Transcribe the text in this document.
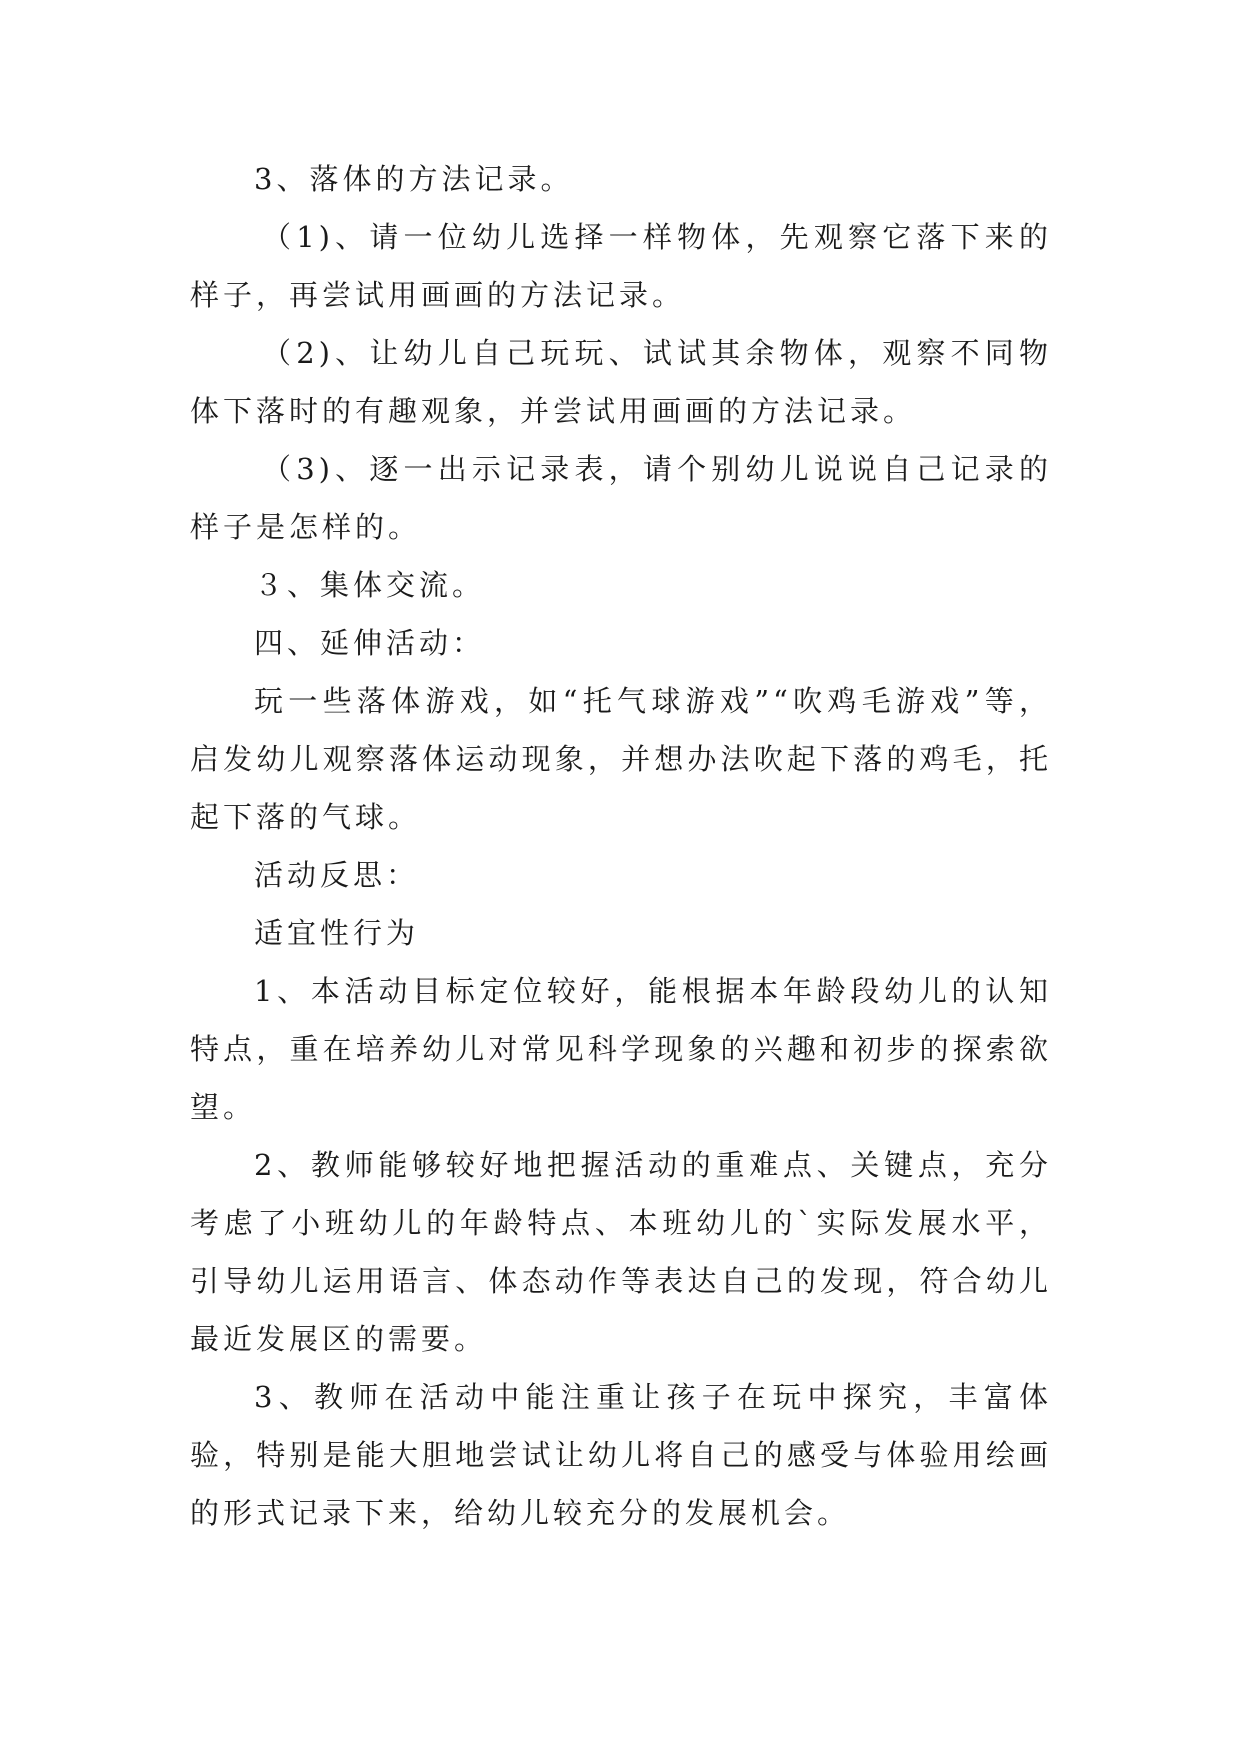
3、落体的方法记录。

（1)、请一位幼儿选择一样物体，先观察它落下来的样子，再尝试用画画的方法记录。

（2)、让幼儿自己玩玩、试试其余物体，观察不同物体下落时的有趣观象，并尝试用画画的方法记录。

（3)、逐一出示记录表，请个别幼儿说说自己记录的样子是怎样的。

３、集体交流。

四、延伸活动：

玩一些落体游戏，如“托气球游戏”“吹鸡毛游戏”等，启发幼儿观察落体运动现象，并想办法吹起下落的鸡毛，托起下落的气球。

活动反思：

适宜性行为

1、本活动目标定位较好，能根据本年龄段幼儿的认知特点，重在培养幼儿对常见科学现象的兴趣和初步的探索欲望。

2、教师能够较好地把握活动的重难点、关键点，充分考虑了小班幼儿的年龄特点、本班幼儿的`实际发展水平，引导幼儿运用语言、体态动作等表达自己的发现，符合幼儿最近发展区的需要。

3、教师在活动中能注重让孩子在玩中探究，丰富体验，特别是能大胆地尝试让幼儿将自己的感受与体验用绘画的形式记录下来，给幼儿较充分的发展机会。
